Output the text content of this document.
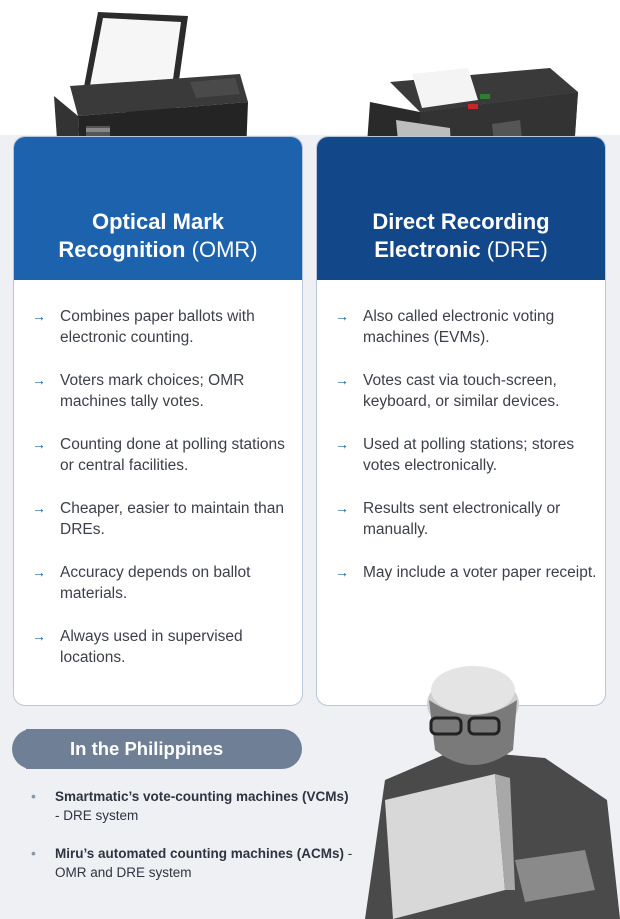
Optical Mark
Recognition (OMR)
→ Combines paper ballots with electronic counting.
→ Voters mark choices; OMR machines tally votes.
→ Counting done at polling stations or central facilities.
→ Cheaper, easier to maintain than DREs.
→ Accuracy depends on ballot materials.
→ Always used in supervised locations.
Direct Recording
Electronic (DRE)
→ Also called electronic voting machines (EVMs).
→ Votes cast via touch-screen, keyboard, or similar devices.
→ Used at polling stations; stores votes electronically.
→ Results sent electronically or manually.
→ May include a voter paper receipt.
In the Philippines
• Smartmatic’s vote-counting machines (VCMs) - DRE system
• Miru’s automated counting machines (ACMs) - OMR and DRE system
